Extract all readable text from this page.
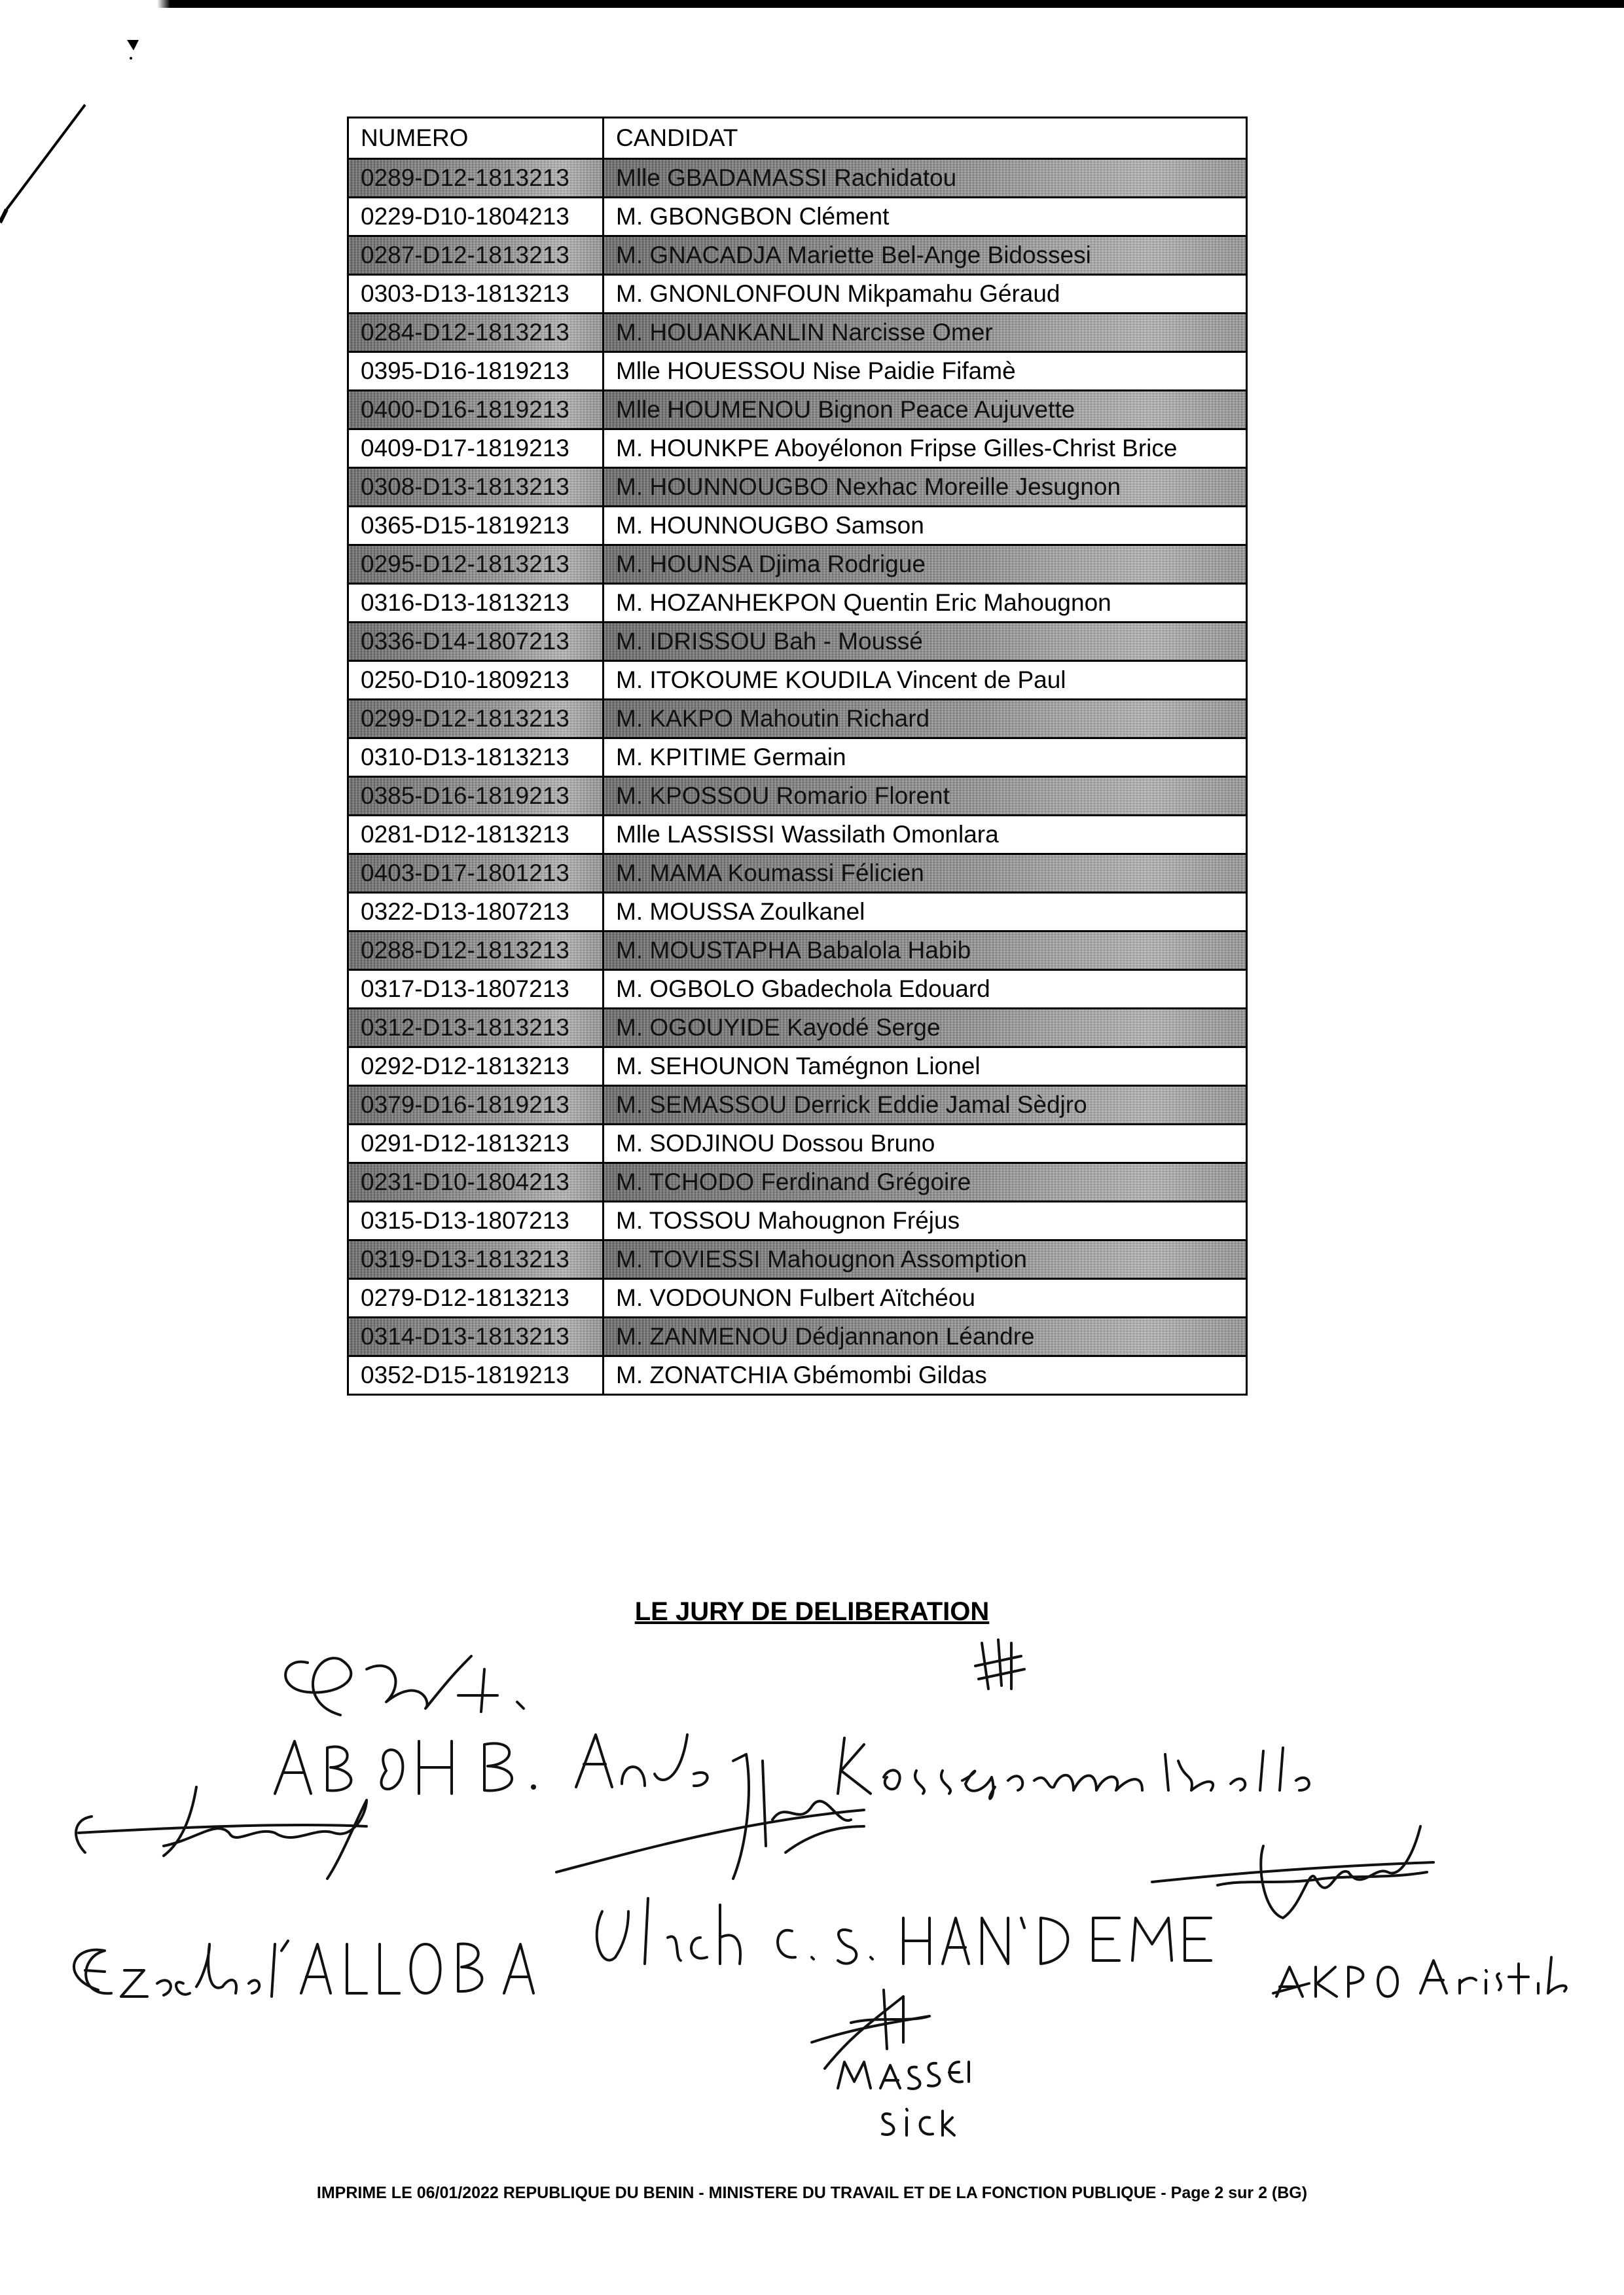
NUMERO	CANDIDAT
0289-D12-1813213	Mlle GBADAMASSI Rachidatou
0229-D10-1804213	M. GBONGBON Clément
0287-D12-1813213	M. GNACADJA Mariette Bel-Ange Bidossesi
0303-D13-1813213	M. GNONLONFOUN Mikpamahu Géraud
0284-D12-1813213	M. HOUANKANLIN Narcisse Omer
0395-D16-1819213	Mlle HOUESSOU Nise Paidie Fifamè
0400-D16-1819213	Mlle HOUMENOU Bignon Peace Aujuvette
0409-D17-1819213	M. HOUNKPE Aboyélonon Fripse Gilles-Christ Brice
0308-D13-1813213	M. HOUNNOUGBO Nexhac Moreille Jesugnon
0365-D15-1819213	M. HOUNNOUGBO Samson
0295-D12-1813213	M. HOUNSA Djima Rodrigue
0316-D13-1813213	M. HOZANHEKPON Quentin Eric Mahougnon
0336-D14-1807213	M. IDRISSOU Bah - Moussé
0250-D10-1809213	M. ITOKOUME KOUDILA Vincent de Paul
0299-D12-1813213	M. KAKPO Mahoutin Richard
0310-D13-1813213	M. KPITIME Germain
0385-D16-1819213	M. KPOSSOU Romario Florent
0281-D12-1813213	Mlle LASSISSI Wassilath Omonlara
0403-D17-1801213	M. MAMA Koumassi Félicien
0322-D13-1807213	M. MOUSSA Zoulkanel
0288-D12-1813213	M. MOUSTAPHA Babalola Habib
0317-D13-1807213	M. OGBOLO Gbadechola Edouard
0312-D13-1813213	M. OGOUYIDE Kayodé Serge
0292-D12-1813213	M. SEHOUNON Tamégnon Lionel
0379-D16-1819213	M. SEMASSOU Derrick Eddie Jamal Sèdjro
0291-D12-1813213	M. SODJINOU Dossou Bruno
0231-D10-1804213	M. TCHODO Ferdinand Grégoire
0315-D13-1807213	M. TOSSOU Mahougnon Fréjus
0319-D13-1813213	M. TOVIESSI Mahougnon Assomption
0279-D12-1813213	M. VODOUNON Fulbert Aïtchéou
0314-D13-1813213	M. ZANMENOU Dédjannanon Léandre
0352-D15-1819213	M. ZONATCHIA Gbémombi Gildas
LE JURY DE DELIBERATION
IMPRIME LE 06/01/2022 REPUBLIQUE DU BENIN - MINISTERE DU TRAVAIL ET DE LA FONCTION PUBLIQUE - Page 2 sur 2 (BG)
